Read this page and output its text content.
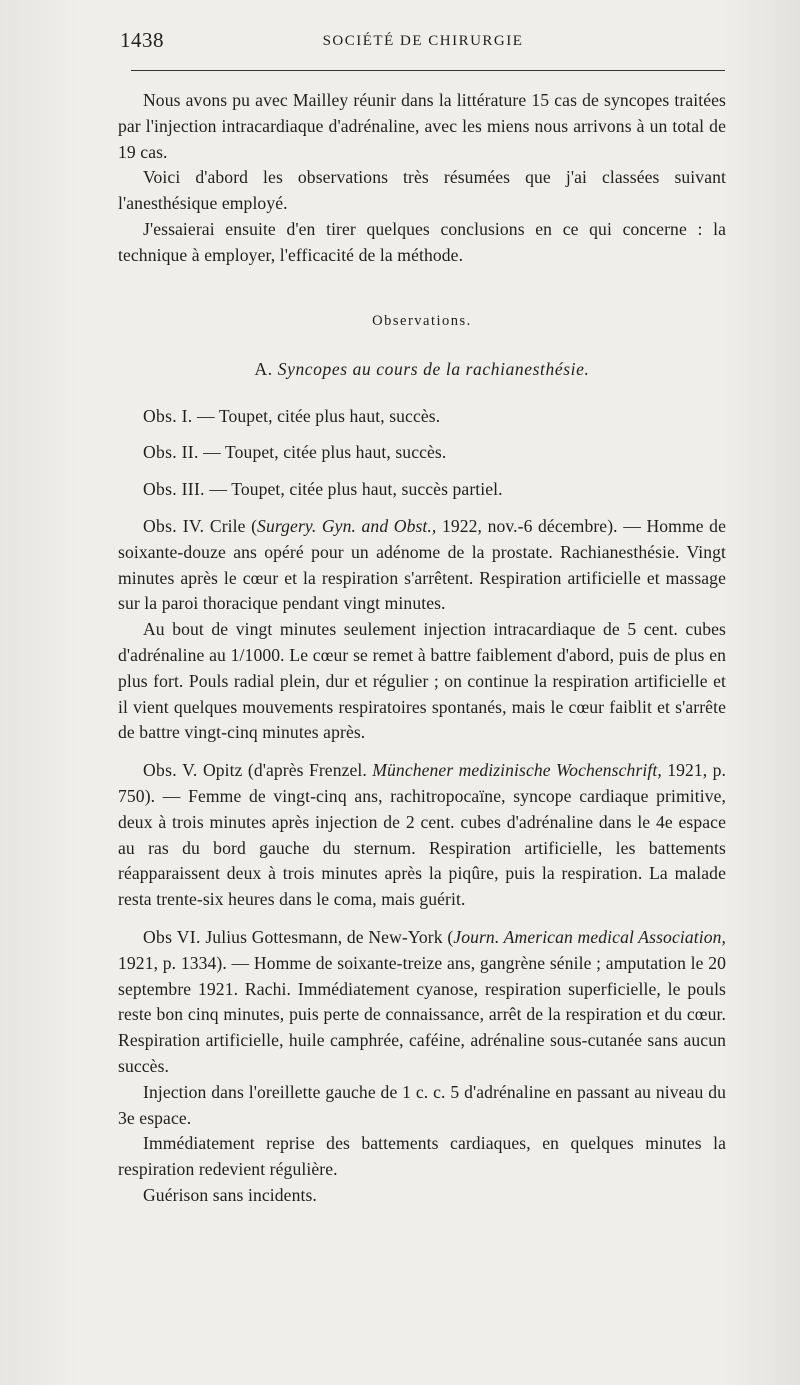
1438	SOCIÉTÉ DE CHIRURGIE

Nous avons pu avec Mailley réunir dans la littérature 15 cas de syncopes traitées par l'injection intracardiaque d'adrénaline, avec les miens nous arrivons à un total de 19 cas.

Voici d'abord les observations très résumées que j'ai classées suivant l'anesthésique employé.

J'essaierai ensuite d'en tirer quelques conclusions en ce qui concerne : la technique à employer, l'efficacité de la méthode.

Observations.

A. Syncopes au cours de la rachianesthésie.

Obs. I. — Toupet, citée plus haut, succès.

Obs. II. — Toupet, citée plus haut, succès.

Obs. III. — Toupet, citée plus haut, succès partiel.

Obs. IV. Crile (Surgery. Gyn. and Obst., 1922, nov.-6 décembre). — Homme de soixante-douze ans opéré pour un adénome de la prostate. Rachianesthésie. Vingt minutes après le cœur et la respiration s'arrêtent. Respiration artificielle et massage sur la paroi thoracique pendant vingt minutes.

Au bout de vingt minutes seulement injection intracardiaque de 5 cent. cubes d'adrénaline au 1/1000. Le cœur se remet à battre faiblement d'abord, puis de plus en plus fort. Pouls radial plein, dur et régulier ; on continue la respiration artificielle et il vient quelques mouvements respiratoires spontanés, mais le cœur faiblit et s'arrête de battre vingt-cinq minutes après.

Obs. V. Opitz (d'après Frenzel. Münchener medizinische Wochenschrift, 1921, p. 750). — Femme de vingt-cinq ans, rachitropocaïne, syncope cardiaque primitive, deux à trois minutes après injection de 2 cent. cubes d'adrénaline dans le 4e espace au ras du bord gauche du sternum. Respiration artificielle, les battements réapparaissent deux à trois minutes après la piqûre, puis la respiration. La malade resta trente-six heures dans le coma, mais guérit.

Obs VI. Julius Gottesmann, de New-York (Journ. American medical Association, 1921, p. 1334). — Homme de soixante-treize ans, gangrène sénile ; amputation le 20 septembre 1921. Rachi. Immédiatement cyanose, respiration superficielle, le pouls reste bon cinq minutes, puis perte de connaissance, arrêt de la respiration et du cœur. Respiration artificielle, huile camphrée, caféine, adrénaline sous-cutanée sans aucun succès.

Injection dans l'oreillette gauche de 1 c. c. 5 d'adrénaline en passant au niveau du 3e espace.

Immédiatement reprise des battements cardiaques, en quelques minutes la respiration redevient régulière.

Guérison sans incidents.
